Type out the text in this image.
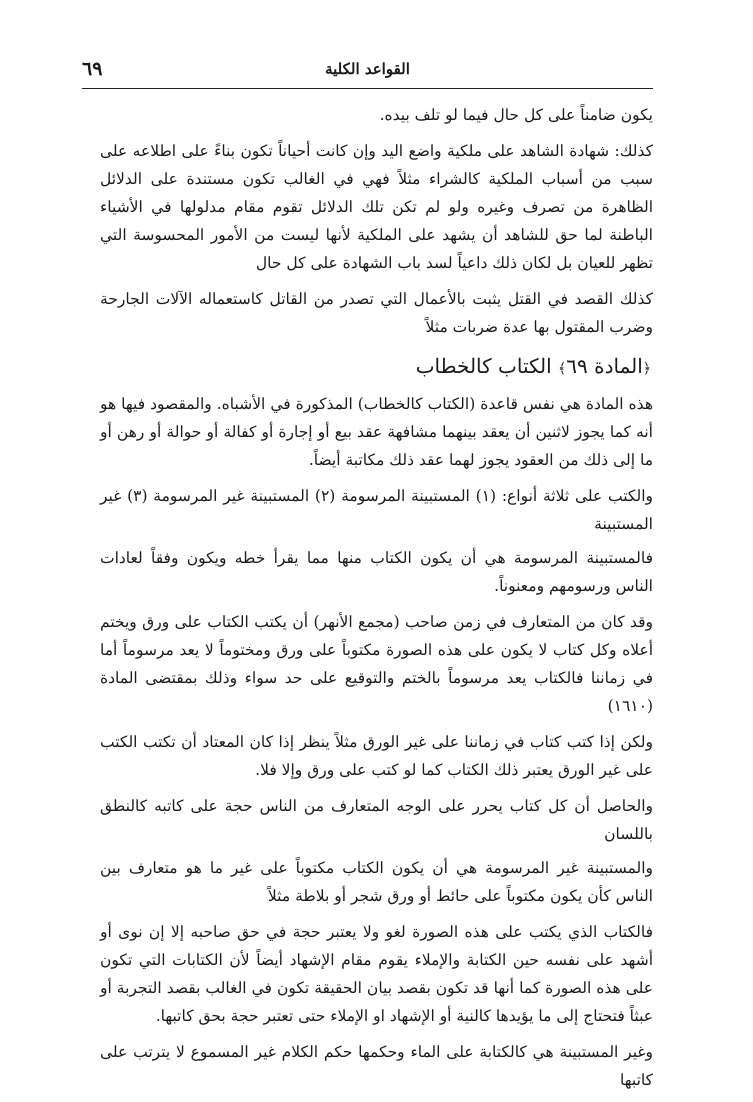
القواعد الكلية
٦٩

يكون ضامناً على كل حال فيما لو تلف بيده.

كذلك: شهادة الشاهد على ملكية واضع اليد وإن كانت أحياناً تكون بناءً على اطلاعه على سبب من أسباب الملكية كالشراء مثلاً فهي في الغالب تكون مستندة على الدلائل الظاهرة من تصرف وغيره ولو لم تكن تلك الدلائل تقوم مقام مدلولها في الأشياء الباطنة لما حق للشاهد أن يشهد على الملكية لأنها ليست من الأمور المحسوسة التي تظهر للعيان بل لكان ذلك داعياً لسد باب الشهادة على كل حال

كذلك القصد في القتل يثبت بالأعمال التي تصدر من القاتل كاستعماله الآلات الجارحة وضرب المقتول بها عدة ضربات مثلاً

﴿المادة ٦٩﴾ الكتاب كالخطاب

هذه المادة هي نفس قاعدة (الكتاب كالخطاب) المذكورة في الأشباه. والمقصود فيها هو أنه كما يجوز لاثنين أن يعقد بينهما مشافهة عقد بيع أو إجارة أو كفالة أو حوالة أو رهن أو ما إلى ذلك من العقود يجوز لهما عقد ذلك مكاتبة أيضاً.

والكتب على ثلاثة أنواع: (١) المستبينة المرسومة (٢) المستبينة غير المرسومة (٣) غير المستبينة

فالمستبينة المرسومة هي أن يكون الكتاب منها مما يقرأ خطه ويكون وفقاً لعادات الناس ورسومهم ومعنوناً.

وقد كان من المتعارف في زمن صاحب (مجمع الأنهر) أن يكتب الكتاب على ورق ويختم أعلاه وكل كتاب لا يكون على هذه الصورة مكتوباً على ورق ومختوماً لا يعد مرسوماً أما في زماننا فالكتاب يعد مرسوماً بالختم والتوقيع على حد سواء وذلك بمقتضى المادة (١٦١٠)

ولكن إذا كتب كتاب في زماننا على غير الورق مثلاً ينظر إذا كان المعتاد أن تكتب الكتب على غير الورق يعتبر ذلك الكتاب كما لو كتب على ورق وإلا فلا.

والحاصل أن كل كتاب يحرر على الوجه المتعارف من الناس حجة على كاتبه كالنطق باللسان

والمستبينة غير المرسومة هي أن يكون الكتاب مكتوباً على غير ما هو متعارف بين الناس كأن يكون مكتوباً على حائط أو ورق شجر أو بلاطة مثلاً

فالكتاب الذي يكتب على هذه الصورة لغو ولا يعتبر حجة في حق صاحبه إلا إن نوى أو أشهد على نفسه حين الكتابة والإملاء يقوم مقام الإشهاد أيضاً لأن الكتابات التي تكون على هذه الصورة كما أنها قد تكون بقصد بيان الحقيقة تكون في الغالب بقصد التجربة أو عبثاً فتحتاج إلى ما يؤيدها كالنية أو الإشهاد او الإملاء حتى تعتبر حجة بحق كاتبها.

وغير المستبينة هي كالكتابة على الماء وحكمها حكم الكلام غير المسموع لا يترتب على كاتبها
